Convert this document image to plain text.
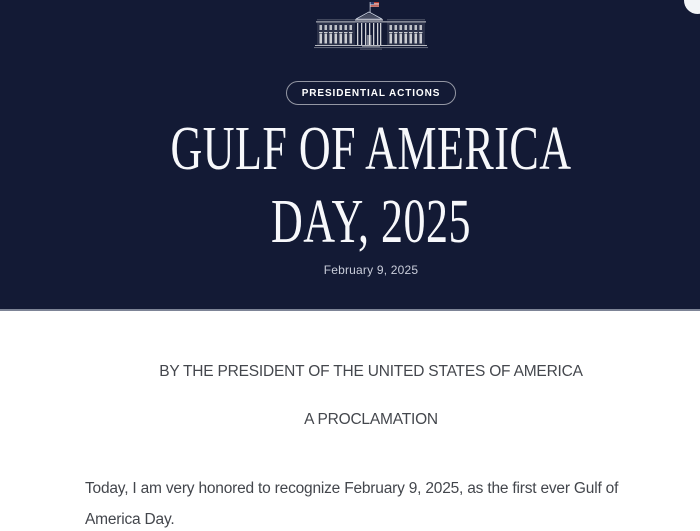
PRESIDENTIAL ACTIONS
GULF OF AMERICA
DAY, 2025
February 9, 2025

BY THE PRESIDENT OF THE UNITED STATES OF AMERICA

A PROCLAMATION

Today, I am very honored to recognize February 9, 2025, as the first ever Gulf of America Day.
